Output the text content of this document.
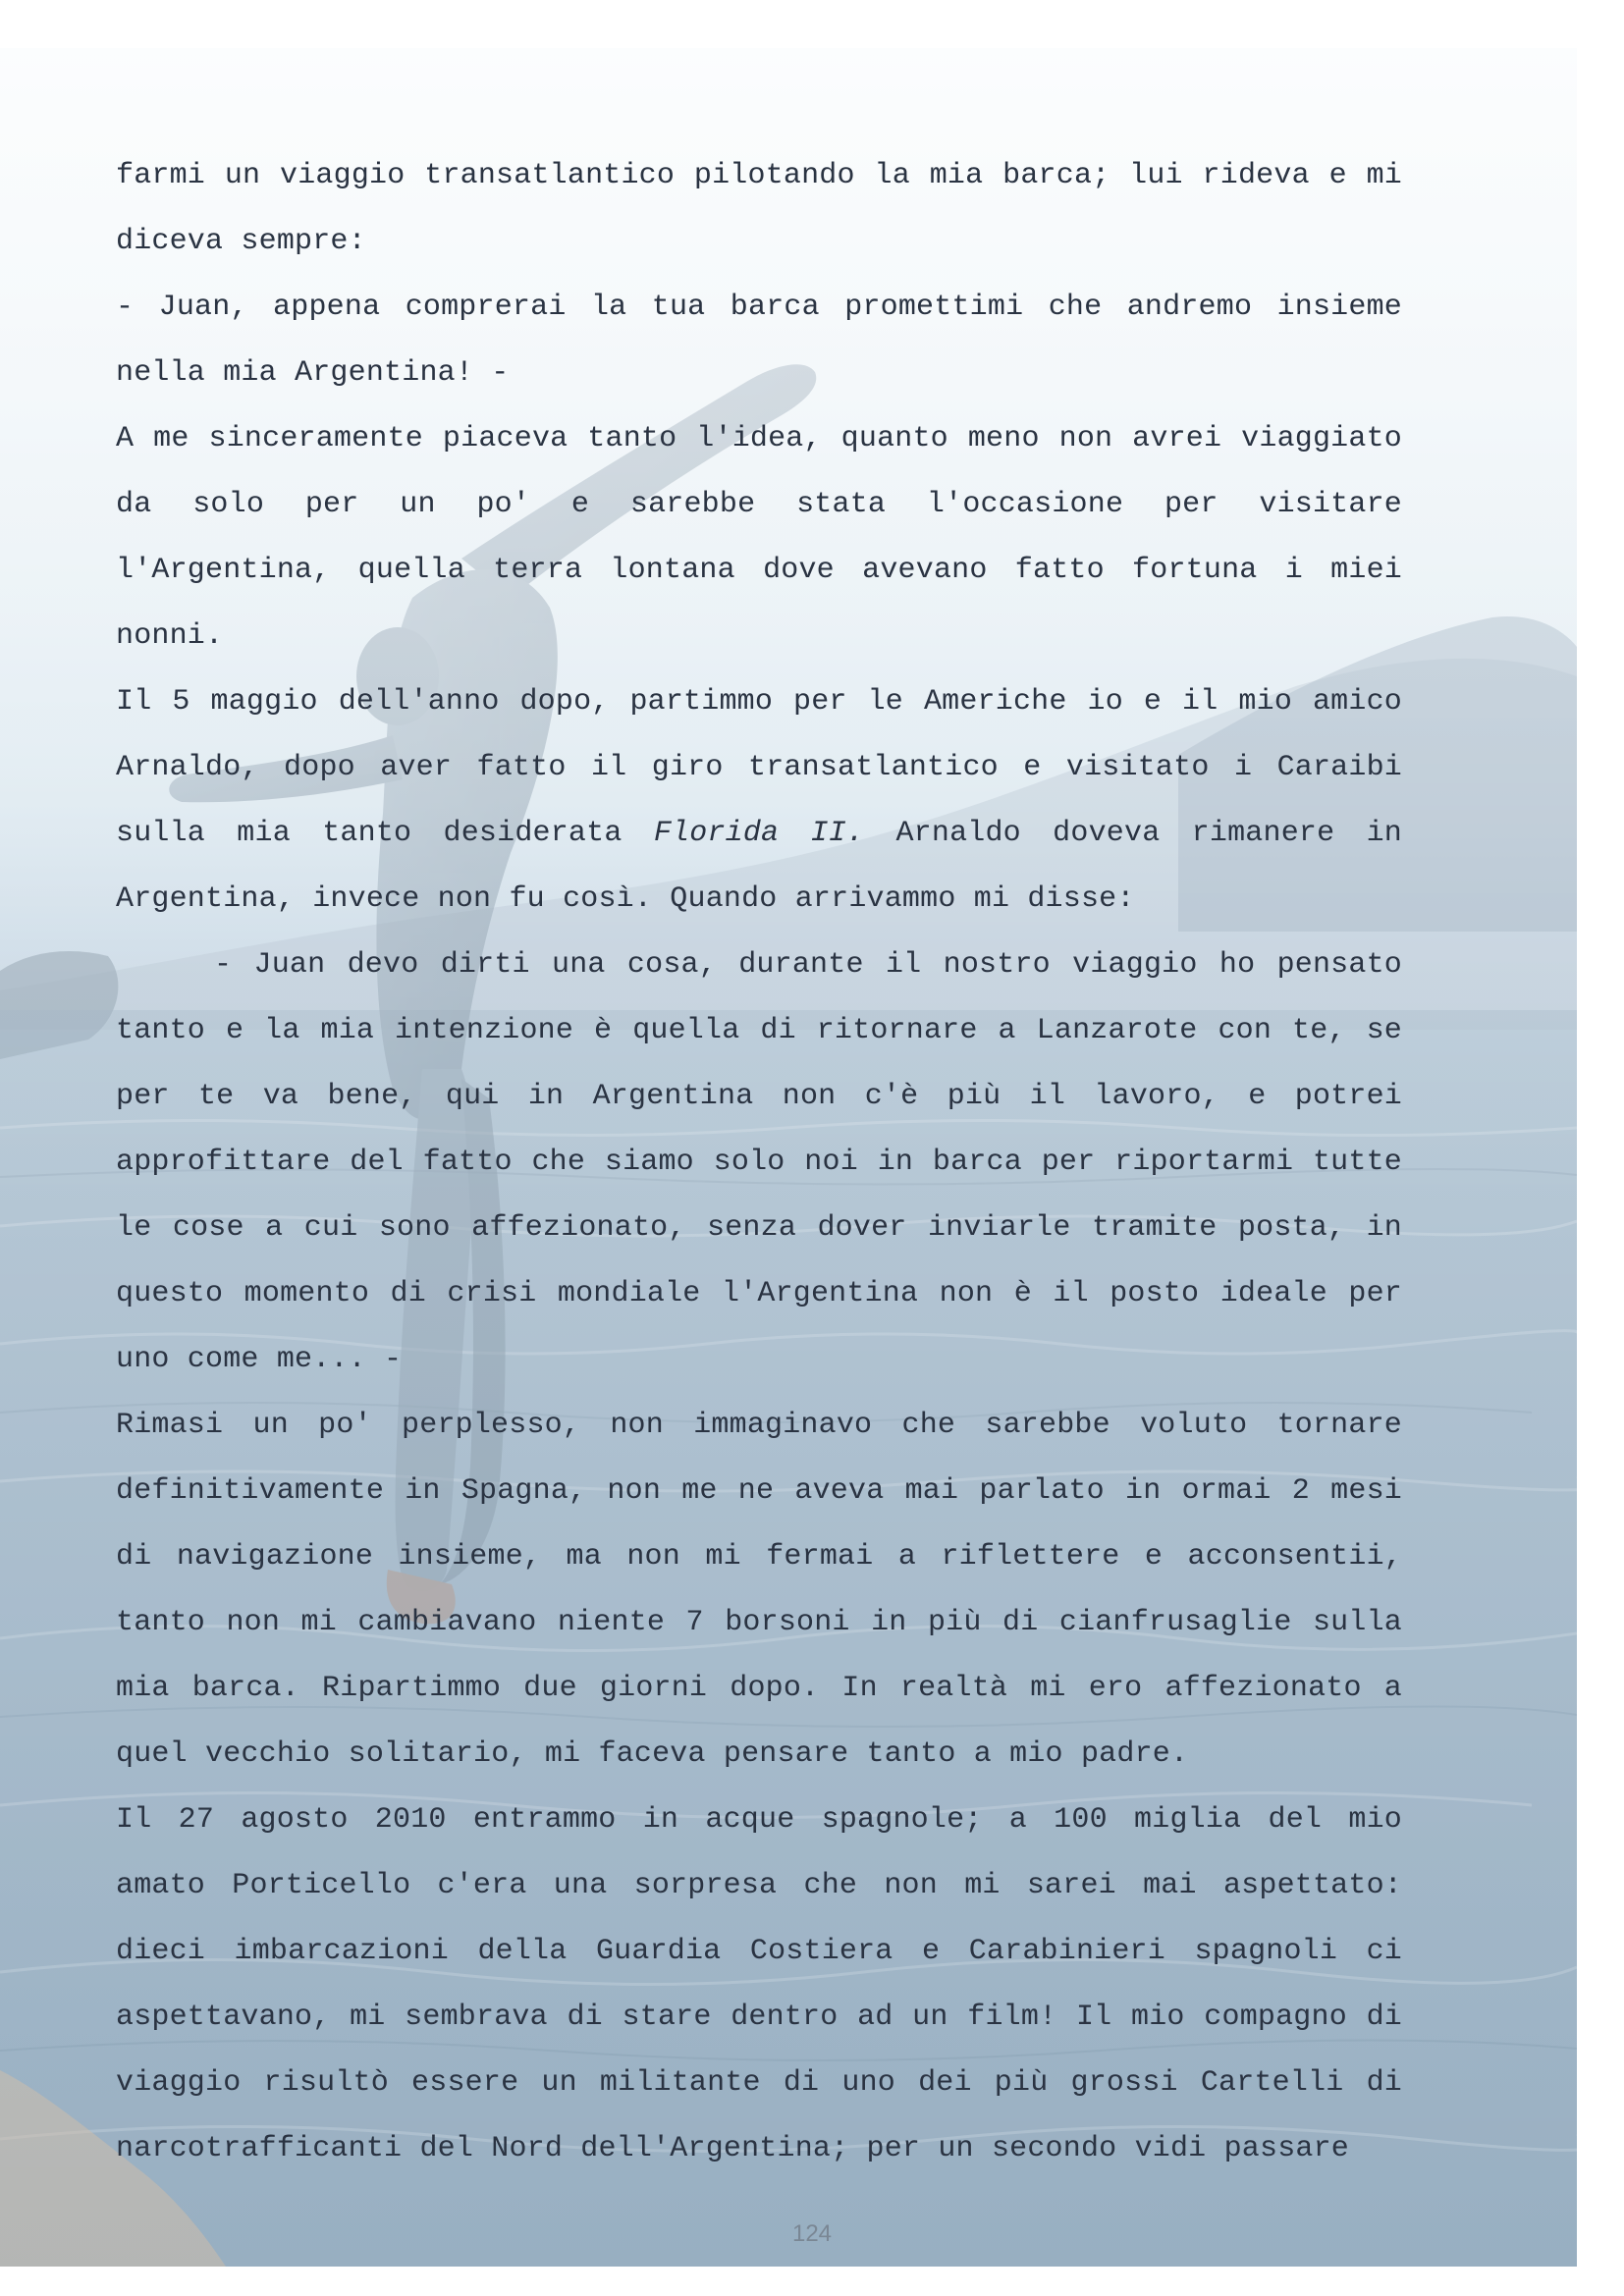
farmi un viaggio transatlantico pilotando la mia barca; lui rideva e mi diceva sempre:

- Juan, appena comprerai la tua barca promettimi che andremo insieme nella mia Argentina! -

A me sinceramente piaceva tanto l'idea, quanto meno non avrei viaggiato da solo per un po' e sarebbe stata l'occasione per visitare l'Argentina, quella terra lontana dove avevano fatto fortuna i miei nonni.

Il 5 maggio dell'anno dopo, partimmo per le Americhe io e il mio amico Arnaldo, dopo aver fatto il giro transatlantico e visitato i Caraibi sulla mia tanto desiderata Florida II. Arnaldo doveva rimanere in Argentina, invece non fu così. Quando arrivammo mi disse:

- Juan devo dirti una cosa, durante il nostro viaggio ho pensato tanto e la mia intenzione è quella di ritornare a Lanzarote con te, se per te va bene, qui in Argentina non c'è più il lavoro, e potrei approfittare del fatto che siamo solo noi in barca per riportarmi tutte le cose a cui sono affezionato, senza dover inviarle tramite posta, in questo momento di crisi mondiale l'Argentina non è il posto ideale per uno come me... -

Rimasi un po' perplesso, non immaginavo che sarebbe voluto tornare definitivamente in Spagna, non me ne aveva mai parlato in ormai 2 mesi di navigazione insieme, ma non mi fermai a riflettere e acconsentii, tanto non mi cambiavano niente 7 borsoni in più di cianfrusaglie sulla mia barca. Ripartimmo due giorni dopo. In realtà mi ero affezionato a quel vecchio solitario, mi faceva pensare tanto a mio padre.

Il 27 agosto 2010 entrammo in acque spagnole; a 100 miglia del mio amato Porticello c'era una sorpresa che non mi sarei mai aspettato: dieci imbarcazioni della Guardia Costiera e Carabinieri spagnoli ci aspettavano, mi sembrava di stare dentro ad un film! Il mio compagno di viaggio risultò essere un militante di uno dei più grossi Cartelli di narcotrafficanti del Nord dell'Argentina; per un secondo vidi passare

124
